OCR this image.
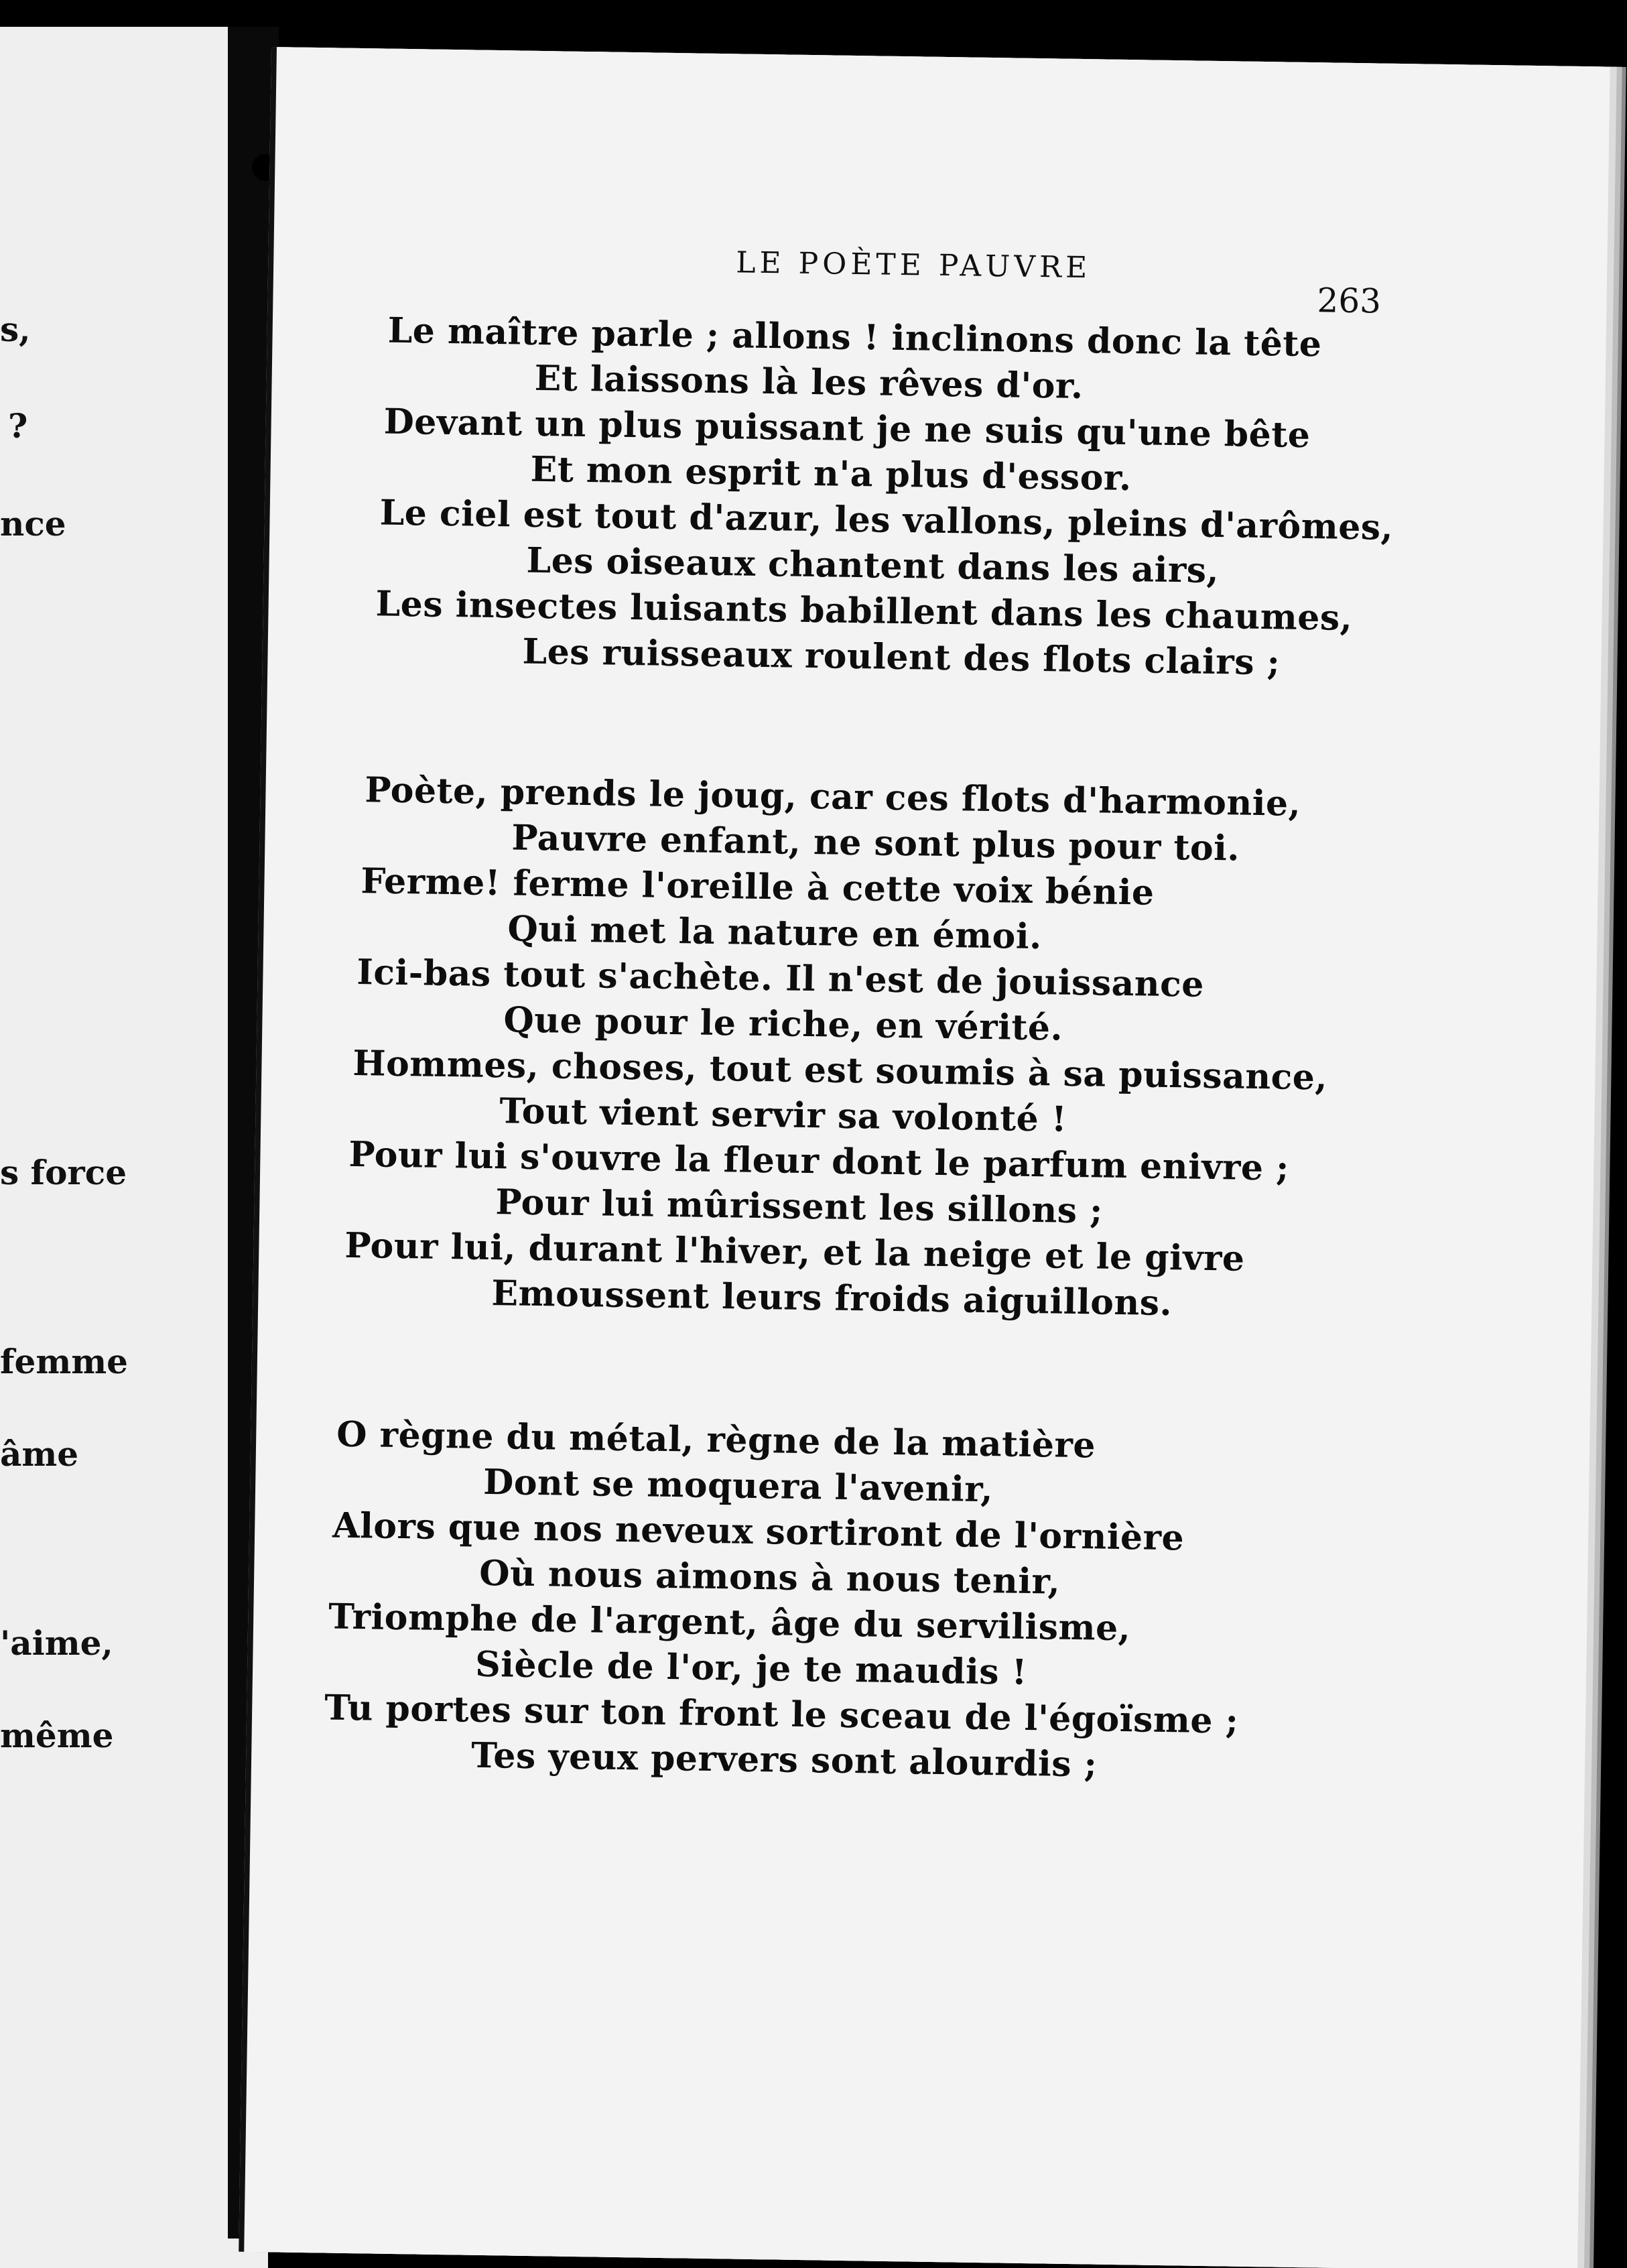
s,
?
nce
s force
femme
âme
'aime,
même
LE POÈTE PAUVRE
263
Le maître parle ; allons ! inclinons donc la tête
Et laissons là les rêves d'or.
Devant un plus puissant je ne suis qu'une bête
Et mon esprit n'a plus d'essor.
Le ciel est tout d'azur, les vallons, pleins d'arômes,
Les oiseaux chantent dans les airs,
Les insectes luisants babillent dans les chaumes,
Les ruisseaux roulent des flots clairs ;
Poète, prends le joug, car ces flots d'harmonie,
Pauvre enfant, ne sont plus pour toi.
Ferme! ferme l'oreille à cette voix bénie
Qui met la nature en émoi.
Ici-bas tout s'achète. Il n'est de jouissance
Que pour le riche, en vérité.
Hommes, choses, tout est soumis à sa puissance,
Tout vient servir sa volonté !
Pour lui s'ouvre la fleur dont le parfum enivre ;
Pour lui mûrissent les sillons ;
Pour lui, durant l'hiver, et la neige et le givre
Emoussent leurs froids aiguillons.
O règne du métal, règne de la matière
Dont se moquera l'avenir,
Alors que nos neveux sortiront de l'ornière
Où nous aimons à nous tenir,
Triomphe de l'argent, âge du servilisme,
Siècle de l'or, je te maudis !
Tu portes sur ton front le sceau de l'égoïsme ;
Tes yeux pervers sont alourdis ;
